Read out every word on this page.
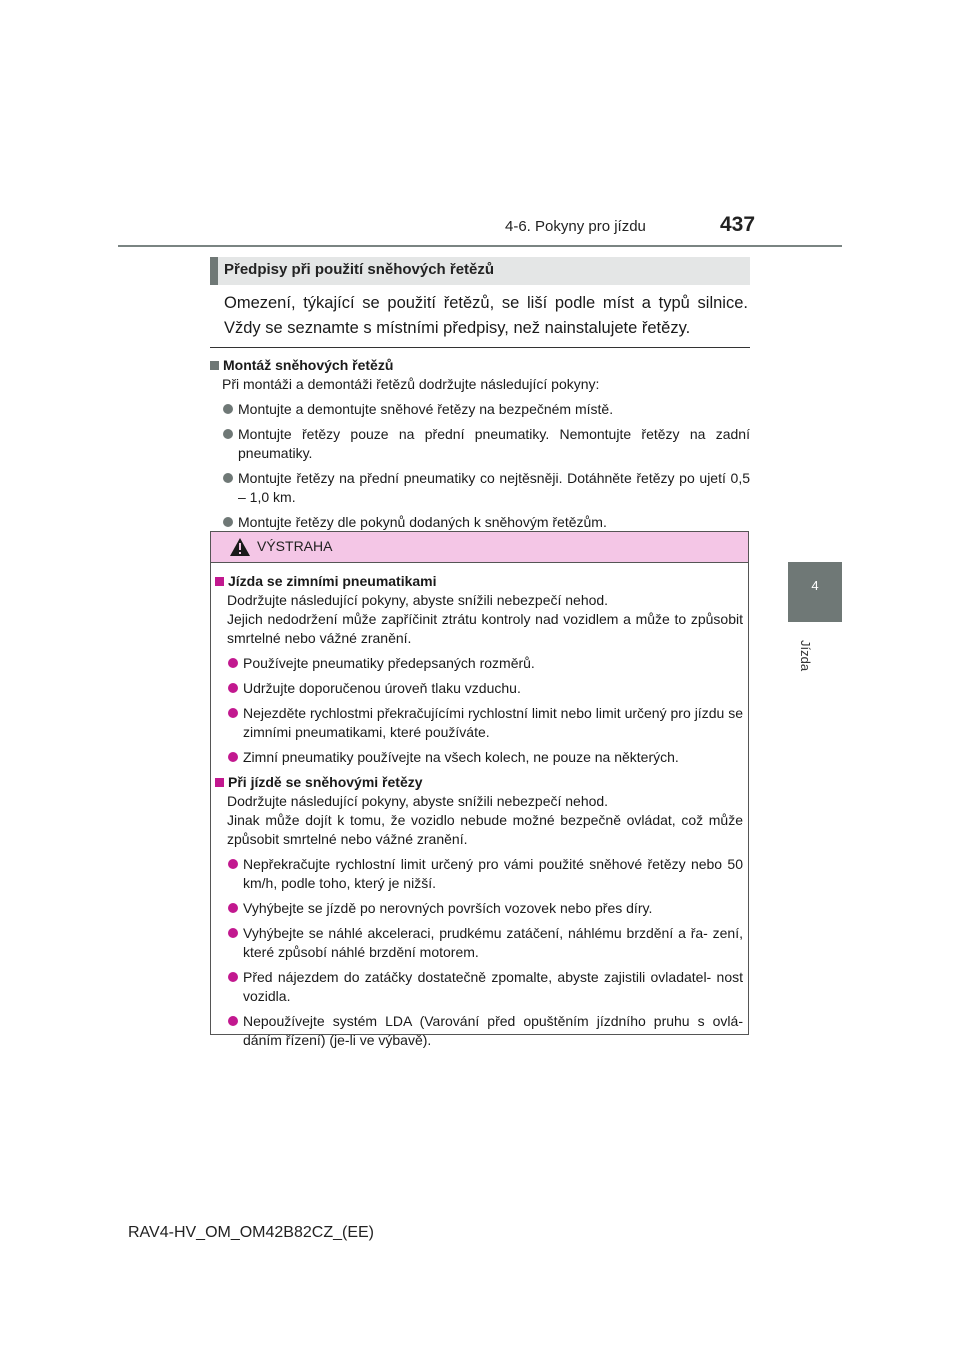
4-6. Pokyny pro jízdu	437
4
Jízda
Předpisy při použití sněhových řetězů
Omezení, týkající se použití řetězů, se liší podle míst a typů silnice. Vždy se seznamte s místními předpisy, než nainstalujete řetězy.
Montáž sněhových řetězů
Při montáži a demontáži řetězů dodržujte následující pokyny:
Montujte a demontujte sněhové řetězy na bezpečném místě.
Montujte řetězy pouze na přední pneumatiky. Nemontujte řetězy na zadní pneumatiky.
Montujte řetězy na přední pneumatiky co nejtěsněji. Dotáhněte řetězy po ujetí 0,5 – 1,0 km.
Montujte řetězy dle pokynů dodaných k sněhovým řetězům.
VÝSTRAHA
Jízda se zimními pneumatikami
Dodržujte následující pokyny, abyste snížili nebezpečí nehod.
Jejich nedodržení může zapříčinit ztrátu kontroly nad vozidlem a může to způsobit smrtelné nebo vážné zranění.
Používejte pneumatiky předepsaných rozměrů.
Udržujte doporučenou úroveň tlaku vzduchu.
Nejezděte rychlostmi překračujícími rychlostní limit nebo limit určený pro jízdu se zimními pneumatikami, které používáte.
Zimní pneumatiky používejte na všech kolech, ne pouze na některých.
Při jízdě se sněhovými řetězy
Dodržujte následující pokyny, abyste snížili nebezpečí nehod.
Jinak může dojít k tomu, že vozidlo nebude možné bezpečně ovládat, což může způsobit smrtelné nebo vážné zranění.
Nepřekračujte rychlostní limit určený pro vámi použité sněhové řetězy nebo 50 km/h, podle toho, který je nižší.
Vyhýbejte se jízdě po nerovných površích vozovek nebo přes díry.
Vyhýbejte se náhlé akceleraci, prudkému zatáčení, náhlému brzdění a řa- zení, které způsobí náhlé brzdění motorem.
Před nájezdem do zatáčky dostatečně zpomalte, abyste zajistili ovladatel- nost vozidla.
Nepoužívejte systém LDA (Varování před opuštěním jízdního pruhu s ovlá- dáním řízení) (je-li ve výbavě).
RAV4-HV_OM_OM42B82CZ_(EE)
